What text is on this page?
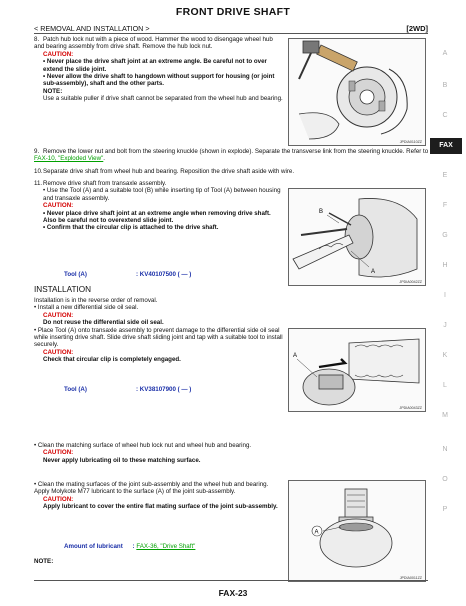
FRONT DRIVE SHAFT
< REMOVAL AND INSTALLATION >	[2WD]

8. Patch hub lock nut with a piece of wood. Hammer the wood to disengage wheel hub and bearing assembly from drive shaft. Remove the hub lock nut.

CAUTION:

• Never place the drive shaft joint at an extreme angle. Be careful not to over extend the slide joint.

• Never allow the drive shaft to hangdown without support for housing (or joint sub-assembly), shaft and the other parts.

NOTE:

Use a suitable puller if drive shaft cannot be separated from the wheel hub and bearing.

JPDIA0110ZZ

9. Remove the lower nut and bolt from the steering knuckle (shown in explode). Separate the transverse link from the steering knuckle. Refer to FAX-10, "Exploded View".

10.Separate drive shaft from wheel hub and bearing. Reposition the drive shaft aside with wire.

11.Remove drive shaft from transaxle assembly.

• Use the Tool (A) and a suitable tool (B) while inserting tip of Tool (A) between housing and transaxle assembly.

CAUTION:

• Never place drive shaft joint at an extreme angle when removing drive shaft. Also be careful not to overextend slide joint.

• Confirm that the circular clip is attached to the drive shaft.

Tool (A)	: KV40107500 ( — )	A
B
JPDIA0042ZZ
INSTALLATION

Installation is in the reverse order of removal.

• Install a new differential side oil seal.

CAUTION:

Do not reuse the differential side oil seal.

• Place Tool (A) onto transaxle assembly to prevent damage to the differential side oil seal while inserting drive shaft. Slide drive shaft sliding joint and tap with a suitable tool to install securely.

CAUTION:

Check that circular clip is completely engaged.

Tool (A)	: KV38107900 ( — )
A
JPDIA0043ZZ

• Clean the matching surface of wheel hub lock nut and wheel hub and bearing.

CAUTION:

Never apply lubricating oil to these matching surface.

• Clean the mating surfaces of the joint sub-assembly and the wheel hub and bearing. Apply Molykote M77 lubricant to the surface (A) of the joint sub-assembly.

CAUTION:

Apply lubricant to cover the entire flat mating surface of the joint sub-assembly.

Amount of lubricant : FAX-36, "Drive Shaft"
NOTE:
A
JPDIA0011ZZ
A
B
C
FAX
E
F
G
H
I
J
K
L
M
N
O
P
FAX-23
